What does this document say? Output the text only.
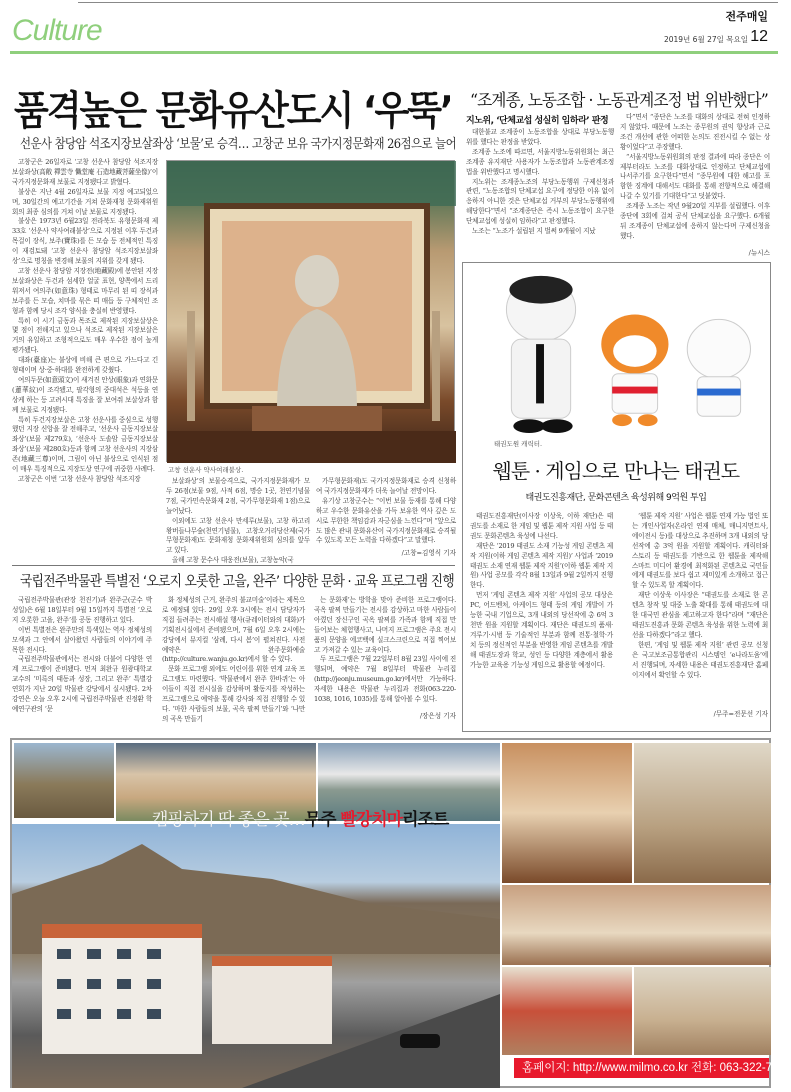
Culture	전주매일
2019년 6월 27일 목요일 12
품격높은 문화유산도시 ‘우뚝’
선운사 참당암 석조지장보살좌상 ‘보물’로 승격… 고창군 보유 국가지정문화재 26점으로 늘어

고창군은 26일자로 ‘고창 선운사 참당암 석조지장보살좌상(高敞 禪雲寺 懺堂庵 石造地藏菩薩坐像)’이 국가지정문화재 보물로 지정됐다고 밝혔다.

불상은 지난 4월 26일자로 보물 지정 예고되었으며, 30일간의 예고기간을 거쳐 문화재청 문화재위원회의 최종 심의를 거쳐 이날 보물로 지정됐다.

불상은 1973년 6월23일 전라북도 유형문화재 제33호 ‘선운사 약사여래불상’으로 지정된 이후 두건과 목걸이 장식, 보주(寶珠)를 든 모습 등 전체적인 특징이 재검토돼 ‘고창 선운사 참당암 석조지장보살좌상’으로 명칭을 변경해 보물의 지위를 갖게 됐다.

고창 선운사 참당암 지장전(地藏殿)에 봉안된 지장보살좌상은 두건과 섬세한 얼굴 표현, 양쪽에서 드리워져서 여의주(如意珠) 형태로 마무리 된 띠 장식과 보주를 든 모습, 치마를 묶은 띠 매듭 등 구체적인 조형과 함께 당시 조각 양식을 충실히 반영했다.

특히 이 시기 금동과 목조로 제작된 지장보살상은 몇 점이 전해지고 있으나 석조로 제작된 지장보살은 거의 유일하고 조형적으로도 매우 우수한 점이 높게 평가됐다.

대좌(臺座)는 불상에 비해 큰 편으로 가느다고 긴 형태이며 상·중·하대를 완전하게 갖췄다.

여의두문(如意頭文)이 새겨진 안상(眼象)과 연화문(蓮華紋)이 조각됐고, 팔각형의 중대석은 석등을 연상케 하는 등 고려시대 특징을 잘 보여줘 보살상과 함께 보물로 지정됐다.

특히 두건지장보살은 고창 선운사를 중심으로 성행했던 지장 신앙을 잘 전해주고, ‘선운사 금동지장보살좌상’(보물 제279호), ‘선운사 도솔암 금동지장보살좌상’(보물 제280호)등과 함께 고창 선운사의 지장삼존(地藏三尊)이며, 그림이 아닌 불상으로 인식된 점이 매우 특징적으로 지장도상 연구에 귀중한 사례다.

고창군은 이번 ‘고창 선운사 참당암 석조지장

고창 선운사 약사여래불상.

보살좌상’의 보물승격으로, 국가지정문화재가 모두 26점(보물 9점, 사적 6점, 명승 1곳, 천연기념물 7점, 국가민속문화재 2점, 국가무형문화재 1점)으로 늘어났다.

이외에도 고창 선운사 만세루(보물), 고창 하고리 왕버들나무숲(천연기념물), 고창오거리당산제(국가무형문화재)도 문화재청 문화재위원회 심의를 앞두고 있다.

올해 고창 문수사 대웅전(보물), 고창농악(국

가무형문화재)도 국가지정문화재로 승격 신청하여 국가지정문화재가 더욱 늘어날 전망이다.

유기상 고창군수는 “이번 보물 등재를 통해 다양하고 우수한 문화유산을 가득 보유한 역사 깊은 도시로 무한한 책임감과 자긍심을 느낀다”며 “앞으로도 많은 관내 문화유산이 국가지정문화재로 승격될 수 있도록 모든 노력을 다하겠다”고 말했다.

/고창=김영식 기자
국립전주박물관 특별전 ‘오로지 오롯한 고을, 완주’ 다양한 문화 · 교육 프로그램 진행

국립전주박물관(관장 천진기)과 완주군(군수 박성일)은 6월 18일부터 9월 15일까지 특별전 ‘오로지 오롯한 고을, 완주’를 공동 진행하고 있다.

이번 특별전은 완주만의 특색있는 역사 정체성의 모색과 그 안에서 살아왔던 사람들의 이야기에 주목한 전시다.

국립전주박물관에서는 전시와 더불어 다양한 연계 프로그램이 준비됐다. 먼저 최완규 원광대학교 교수의 ‘미륵의 태동과 성장, 그리고 완주’ 특별강연회가 지난 20일 박물관 강당에서 실시됐다. 2차 강연은 오늘 오후 2시에 국립전주박물관 진정환 학예연구관의 ‘문

화 정체성의 근거, 완주의 불교미술’이라는 제목으로 예정돼 있다. 29일 오후 3시에는 전시 담당자가 직접 들려주는 전시해설 행사(큐레이터와의 대화)가 기획전시실에서 준비됐으며, 7월 6일 오후 2시에는 강당에서 뮤지컬 ‘삼례, 다시 봄’이 펼쳐진다. 사전 예약은 완주문화예술(http://culture.wanju.go.kr)에서 할 수 있다.

문화 프로그램 외에도 어린이를 위한 연계 교육 프로그램도 마련했다. ‘박물관에서 완주 한바퀴’는 아이들이 직접 전시실을 감상하며 활동지를 작성하는 프로그램으로 예약을 통해 강사와 직접 진행할 수 있다. ‘마한 사람들의 보물, 곡옥 팔찌 만들기’와 ‘나만의 곡옥 만들기

는 문화재’는 방학을 맞아 준비한 프로그램이다. 곡옥 팔찌 만들기는 전시를 감상하고 마한 사람들이 아꼈던 장신구인 곡옥 팔찌를 가족과 함께 직접 만들어보는 체험행사고, 나머지 프로그램은 주요 전시품의 문양을 에코백에 실크스크린으로 직접 찍어보고 가져갈 수 있는 교육이다.

두 프로그램은 7월 22일부터 8월 23일 사이에 진행되며, 예약은 7월 8일부터 박물관 누리집(http://jeonju.museum.go.kr)에서만 가능하다. 자세한 내용은 박물관 누리집과 전화(063-220-1038, 1016, 1035)를 통해 알아볼 수 있다.

/장은성 기자
“조계종, 노동조합 · 노동관계조정 법 위반했다”
지노위, ‘단체교섭 성실히 임하라’ 판정

대한불교 조계종이 노동조합을 상대로 부당노동행위를 했다는 판정을 받았다.

조계종 노조에 따르면, 서울지방노동위원회는 최근 조계종 유지재단 사용자가 노동조합과 노동관계조정법을 위반했다고 명시했다.

지노위는 조계종노조의 부당노동행위 구제신청과 관련, “노동조합의 단체교섭 요구에 정당한 이유 없이 응하지 아니한 것은 단체교섭 거부의 부당노동행위에 해당한다”면서 “조계종단은 즉시 노동조합이 요구한 단체교섭에 성실히 임하라”고 판정했다.

노조는 “노조가 설립된 지 벌써 9개월이 지났

다”면서 “종단은 노조를 대화의 상대로 전혀 인정하지 않았다. 때문에 노조는 종무원의 권익 향상과 근로조건 개선에 관한 어떠한 논의도 진전시킬 수 없는 상황이었다”고 주장했다.

“서울지방노동위원회의 판정 결과에 따라 종단은 이제부터라도 노조를 대화상대로 인정하고 단체교섭에 나서주기를 요구한다”면서 “종무원에 대한 해고를 포함한 징계에 대해서도 대화를 통해 전향적으로 해결해 나갈 수 있기를 기대한다”고 덧붙였다.

조계종 노조는 작년 9월20일 지부를 설립했다. 이후 종단에 3회에 걸쳐 공식 단체교섭을 요구했다. 6개월 뒤 조계종이 단체교섭에 응하지 않는다며 구제신청을 했다.

/뉴시스
태권도원 캐릭터.
웹툰 · 게임으로 만나는 태권도
태권도진흥재단, 문화콘텐츠 육성위해 9억원 투입

태권도진흥재단(이사장 이상욱, 이하 재단)은 태권도를 소재로 한 게임 및 웹툰 제작 지원 사업 등 태권도 문화콘텐츠 육성에 나선다.

재단은 ‘2019 태권도 소재 기능성 게임 콘텐츠 제작 지원(이하 게임 콘텐츠 제작 지원)’ 사업과 ‘2019 태권도 소재 연재 웹툰 제작 지원’(이하 웹툰 제작 지원) 사업 공모를 각각 8월 13일과 9월 2일까지 진행한다.

먼저 ‘게임 콘텐츠 제작 지원’ 사업의 공모 대상은 PC, 어드벤처, 아케이드 형태 등의 게임 개발이 가능한 국내 기업으로, 3개 내외의 당선작에 총 6억 3천만 원을 지원할 계획이다. 재단은 태권도의 품새·겨루기·시범 등 기술적인 부분과 함께 전통·철학·가치 등의 정신적인 부분을 반영한 게임 콘텐츠를 개발해 태권도장과 학교, 성인 등 다양한 계층에서 활용 가능한 교육용 기능성 게임으로 활용할 예정이다.

‘웹툰 제작 지원’ 사업은 웹툰 연재 가능 법인 또는 개인사업자(온라인 연재 매체, 매니지먼트사, 에이전시 등)를 대상으로 추진하며 3개 내외의 당선작에 총 3억 원을 지원할 계획이다. 캐릭터와 스토리 등 태권도를 기반으로 한 웹툰을 제작해 스마트 미디어 환경에 최적화된 콘텐츠로 국민들에게 태권도를 보다 쉽고 재미있게 소개하고 접근할 수 있도록 할 계획이다.

재단 이상욱 이사장은 “태권도를 소재로 한 콘텐츠 창작 및 대중 노출 확대를 통해 태권도에 대한 대국민 관심을 제고하고자 한다”라며 “재단은 태권도진흥과 문화 콘텐츠 육성을 위한 노력에 최선을 다하겠다”라고 했다.

한편, ‘게임 및 웹툰 제작 지원’ 관련 공모 신청은 국고보조금통합관리 시스템인 ‘e나라도움’에서 진행되며, 자세한 내용은 태권도진흥재단 홈페이지에서 확인할 수 있다.

/무주=전문선 기자
캠핑하기 딱 좋은 곳…무주 빨강치마리조트
홈페이지: http://www.milmo.co.kr 전화: 063-322-7000
